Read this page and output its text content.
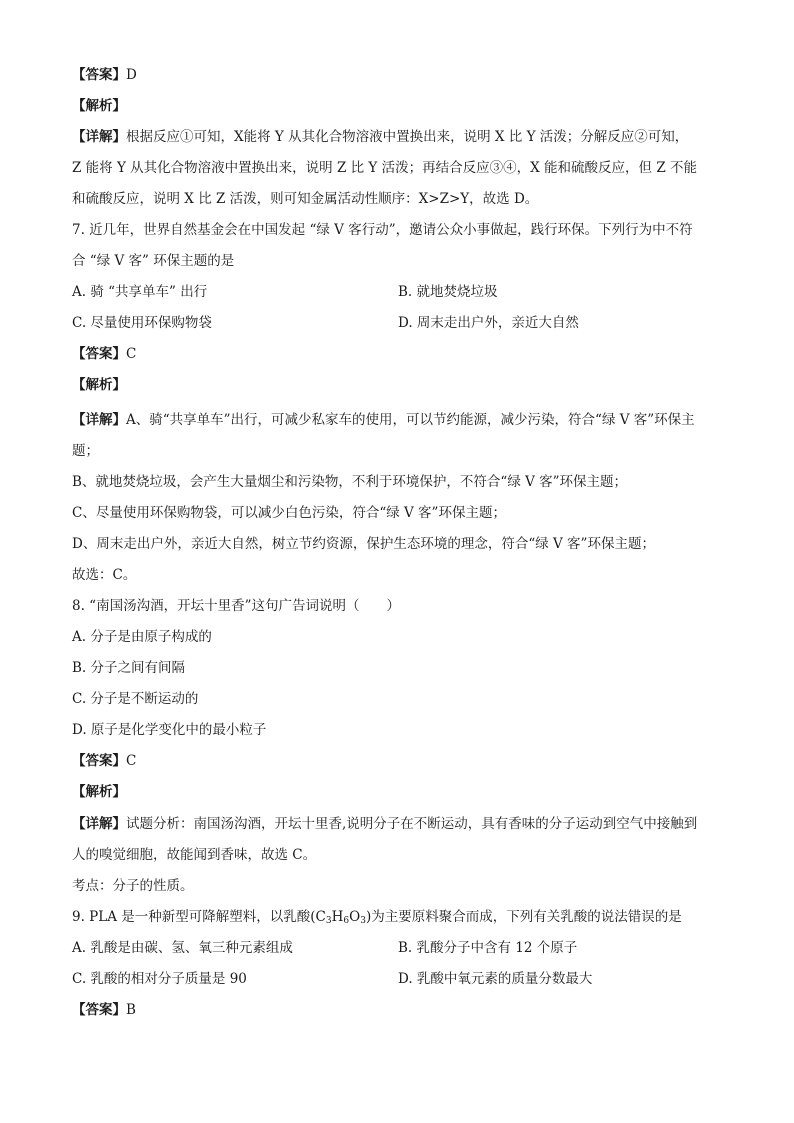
【答案】D
【解析】
【详解】根据反应①可知，X能将 Y 从其化合物溶液中置换出来，说明 X 比 Y 活泼；分解反应②可知，
Z 能将 Y 从其化合物溶液中置换出来，说明 Z 比 Y 活泼；再结合反应③④，X 能和硫酸反应，但 Z 不能
和硫酸反应，说明 X 比 Z 活泼，则可知金属活动性顺序：X>Z>Y，故选 D。
7. 近几年，世界自然基金会在中国发起 “绿 V 客行动”，邀请公众小事做起，践行环保。下列行为中不符
合 “绿 V 客” 环保主题的是
A. 骑 “共享单车” 出行	B. 就地焚烧垃圾
C. 尽量使用环保购物袋	D. 周末走出户外，亲近大自然
【答案】C
【解析】
【详解】A、骑“共享单车”出行，可减少私家车的使用，可以节约能源，减少污染，符合“绿 V 客”环保主
题；
B、就地焚烧垃圾，会产生大量烟尘和污染物，不利于环境保护，不符合“绿 V 客”环保主题；
C、尽量使用环保购物袋，可以减少白色污染，符合“绿 V 客”环保主题；
D、周末走出户外，亲近大自然，树立节约资源，保护生态环境的理念，符合“绿 V 客”环保主题；
故选：C。
8. “南国汤沟酒，开坛十里香”这句广告词说明（　　）
A. 分子是由原子构成的
B. 分子之间有间隔
C. 分子是不断运动的
D. 原子是化学变化中的最小粒子
【答案】C
【解析】
【详解】试题分析：南国汤沟酒，开坛十里香,说明分子在不断运动，具有香味的分子运动到空气中接触到
人的嗅觉细胞，故能闻到香味，故选 C。
考点：分子的性质。
9. PLA 是一种新型可降解塑料，以乳酸$(C_3H_6O_3)$为主要原料聚合而成，下列有关乳酸的说法错误的是
A. 乳酸是由碳、氢、氧三种元素组成	B. 乳酸分子中含有 12 个原子
C. 乳酸的相对分子质量是 90	D. 乳酸中氧元素的质量分数最大
【答案】B
